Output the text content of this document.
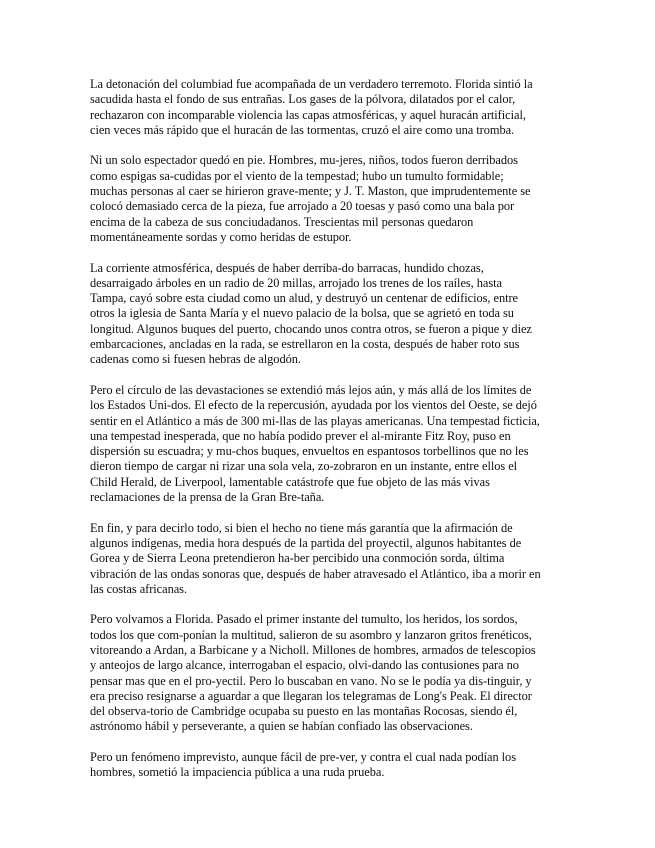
La detonación del columbiad fue acompañada de un verdadero terremoto. Florida sintió la
sacudida hasta el fondo de sus entrañas. Los gases de la pólvora, dilatados por el calor,
rechazaron con incomparable violencia las capas atmosféricas, y aquel huracán artificial,
cien veces más rápido que el huracán de las tormentas, cruzó el aire como una tromba.

Ni un solo espectador quedó en pie. Hombres, mu-jeres, niños, todos fueron derribados
como espigas sa-cudidas por el viento de la tempestad; hubo un tumulto formidable;
muchas personas al caer se hirieron grave-mente; y J. T. Maston, que imprudentemente se
colocó demasiado cerca de la pieza, fue arrojado a 20 toesas y pasó como una bala por
encima de la cabeza de sus conciudadanos. Trescientas mil personas quedaron
momentáneamente sordas y como heridas de estupor.

La corriente atmosférica, después de haber derriba-do barracas, hundido chozas,
desarraigado árboles en un radio de 20 millas, arrojado los trenes de los raíles, hasta
Tampa, cayó sobre esta ciudad como un alud, y destruyó un centenar de edificios, entre
otros la iglesia de Santa María y el nuevo palacio de la bolsa, que se agrietó en toda su
longitud. Algunos buques del puerto, chocando unos contra otros, se fueron a pique y diez
embarcaciones, ancladas en la rada, se estrellaron en la costa, después de haber roto sus
cadenas como si fuesen hebras de algodón.

Pero el círculo de las devastaciones se extendió más lejos aún, y más allá de los límites de
los Estados Uni-dos. El efecto de la repercusión, ayudada por los vientos del Oeste, se dejó
sentir en el Atlántico a más de 300 mi-llas de las playas americanas. Una tempestad ficticia,
una tempestad inesperada, que no había podido prever el al-mirante Fitz Roy, puso en
dispersión su escuadra; y mu-chos buques, envueltos en espantosos torbellinos que no les
dieron tiempo de cargar ni rizar una sola vela, zo-zobraron en un instante, entre ellos el
Child Herald, de Liverpool, lamentable catástrofe que fue objeto de las más vivas
reclamaciones de la prensa de la Gran Bre-taña.

En fin, y para decirlo todo, si bien el hecho no tiene más garantía que la afirmación de
algunos indígenas, media hora después de la partida del proyectil, algunos habitantes de
Gorea y de Sierra Leona pretendieron ha-ber percibido una conmoción sorda, última
vibración de las ondas sonoras que, después de haber atravesado el Atlántico, iba a morir en
las costas africanas.

Pero volvamos a Florida. Pasado el primer instante del tumulto, los heridos, los sordos,
todos los que com-ponían la multitud, salieron de su asombro y lanzaron gritos frenéticos,
vitoreando a Ardan, a Barbicane y a Nicholl. Millones de hombres, armados de telescopios
y anteojos de largo alcance, interrogaban el espacio, olvi-dando las contusiones para no
pensar mas que en el pro-yectil. Pero lo buscaban en vano. No se le podía ya dis-tinguir, y
era preciso resignarse a aguardar a que llegaran los telegramas de Long's Peak. El director
del observa-torio de Cambridge ocupaba su puesto en las montañas Rocosas, siendo él,
astrónomo hábil y perseverante, a quien se habían confiado las observaciones.

Pero un fenómeno imprevisto, aunque fácil de pre-ver, y contra el cual nada podían los
hombres, sometió la impaciencia pública a una ruda prueba.
